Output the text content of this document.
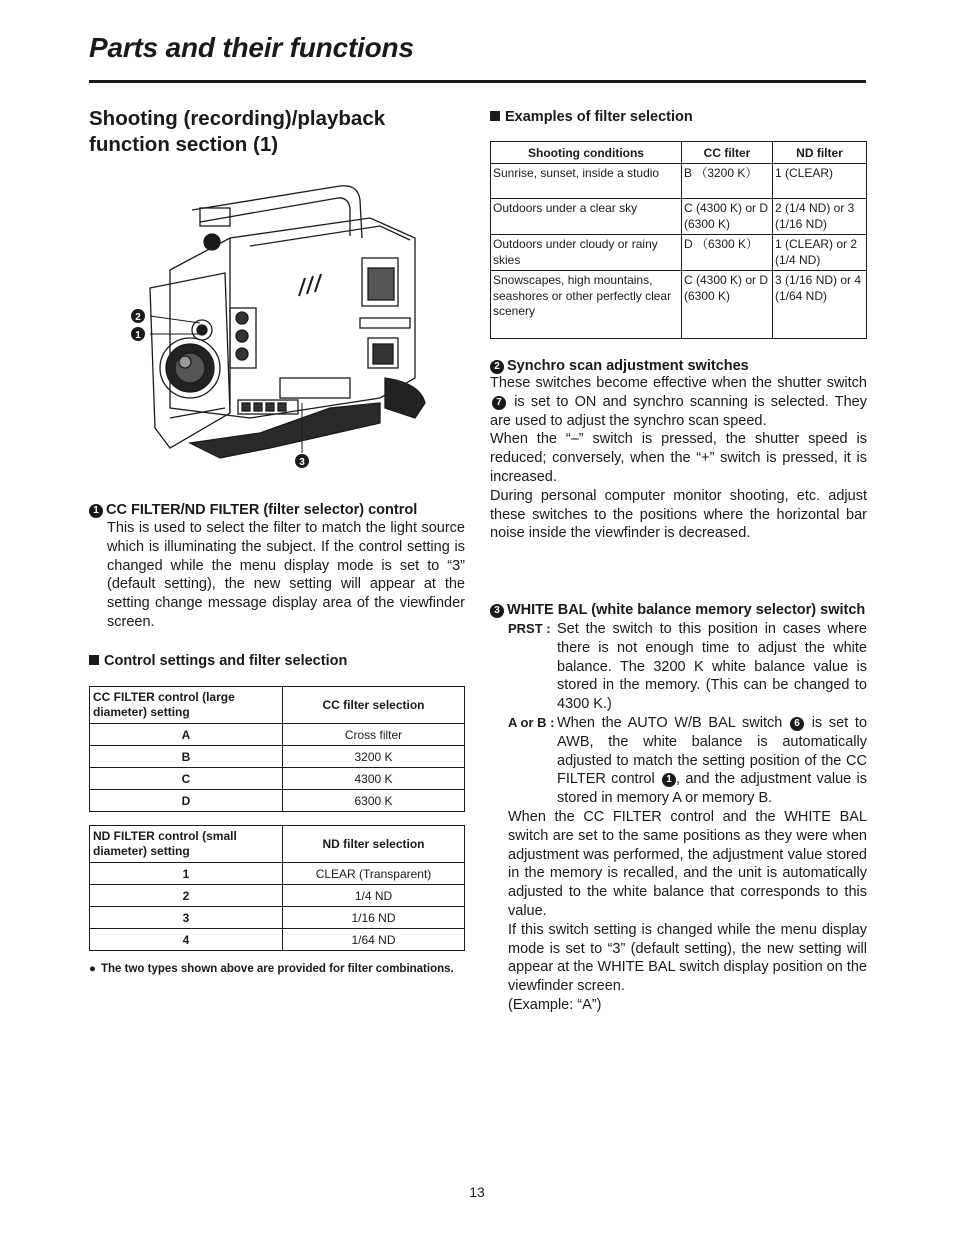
Parts and their functions
Shooting (recording)/playback function section (1)
2
1
3
1 CC FILTER/ND FILTER (filter selector) control
This is used to select the filter to match the light source which is illuminating the subject. If the control setting is changed while the menu display mode is set to “3” (default setting), the new setting will appear at the setting change message display area of the viewfinder screen.
Control settings and filter selection
CC FILTER control (large diameter) setting	CC filter selection
A	Cross filter
B	3200 K
C	4300 K
D	6300 K
ND FILTER control (small diameter) setting	ND filter selection
1	CLEAR (Transparent)
2	1/4 ND
3	1/16 ND
4	1/64 ND
● The two types shown above are provided for filter combinations.
Examples of filter selection
Shooting conditions	CC filter	ND filter
Sunrise, sunset, inside a studio	B （3200 K）	1 (CLEAR)
Outdoors under a clear sky	C (4300 K) or D (6300 K)	2 (1/4 ND) or 3 (1/16 ND)
Outdoors under cloudy or rainy skies	D （6300 K）	1 (CLEAR) or 2 (1/4 ND)
Snowscapes, high mountains, seashores or other perfectly clear scenery	C (4300 K) or D (6300 K)	3 (1/16 ND) or 4 (1/64 ND)
2 Synchro scan adjustment switches
These switches become effective when the shutter switch 7 is set to ON and synchro scanning is selected. They are used to adjust the synchro scan speed.
When the “–” switch is pressed, the shutter speed is reduced; conversely, when the “+” switch is pressed, it is increased.
During personal computer monitor shooting, etc. adjust these switches to the positions where the horizontal bar noise inside the viewfinder is decreased.
3 WHITE BAL (white balance memory selector) switch
PRST : Set the switch to this position in cases where there is not enough time to adjust the white balance. The 3200 K white balance value is stored in the memory. (This can be changed to 4300 K.)
A or B : When the AUTO W/B BAL switch 6 is set to AWB, the white balance is automatically adjusted to match the setting position of the CC FILTER control 1 , and the adjustment value is stored in memory A or memory B.
When the CC FILTER control and the WHITE BAL switch are set to the same positions as they were when adjustment was performed, the adjustment value stored in the memory is recalled, and the unit is automatically adjusted to the white balance that corresponds to this value.
If this switch setting is changed while the menu display mode is set to “3” (default setting), the new setting will appear at the WHITE BAL switch display position on the viewfinder screen.
(Example: “A”)
13
